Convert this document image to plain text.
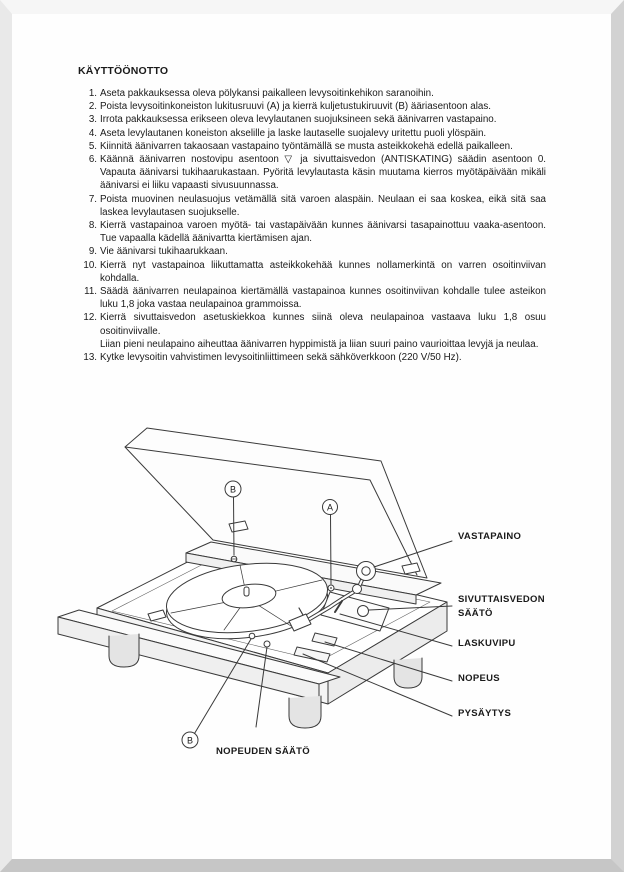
KÄYTTÖÖNOTTO
1. Aseta pakkauksessa oleva pölykansi paikalleen levysoitinkehikon saranoihin.
2. Poista levysoitinkoneiston lukitusruuvi (A) ja kierrä kuljetustukiruuvit (B) ääriasentoon alas.
3. Irrota pakkauksessa erikseen oleva levylautanen suojuksineen sekä äänivarren vastapaino.
4. Aseta levylautanen koneiston akselille ja laske lautaselle suojalevy uritettu puoli ylöspäin.
5. Kiinnitä äänivarren takaosaan vastapaino työntämällä se musta asteikkokehä edellä paikalleen.
6. Käännä äänivarren nostovipu asentoon ▽ ja sivuttaisvedon (ANTISKATING) säädin asentoon 0. Vapauta äänivarsi tukihaarukastaan. Pyöritä levylautasta käsin muutama kierros myötäpäivään mikäli äänivarsi ei liiku vapaasti sivusuunnassa.
7. Poista muovinen neulasuojus vetämällä sitä varoen alaspäin. Neulaan ei saa koskea, eikä sitä saa laskea levylautasen suojukselle.
8. Kierrä vastapainoa varoen myötä- tai vastapäivään kunnes äänivarsi tasapainottuu vaaka-asentoon. Tue vapaalla kädellä äänivartta kiertämisen ajan.
9. Vie äänivarsi tukihaarukkaan.
10. Kierrä nyt vastapainoa liikuttamatta asteikkokehää kunnes nollamerkintä on varren osoitinviivan kohdalla.
11. Säädä äänivarren neulapainoa kiertämällä vastapainoa kunnes osoitinviivan kohdalle tulee asteikon luku 1,8 joka vastaa neulapainoa grammoissa.
12. Kierrä sivuttaisvedon asetuskiekkoa kunnes siinä oleva neulapainoa vastaava luku 1,8 osuu osoitinviivalle.
Liian pieni neulapaino aiheuttaa äänivarren hyppimistä ja liian suuri paino vaurioittaa levyjä ja neulaa.
13. Kytke levysoitin vahvistimen levysoitinliittimeen sekä sähköverkkoon (220 V/50 Hz).
B
A
B
VASTAPAINO
SIVUTTAISVEDON SÄÄTÖ
LASKUVIPU
NOPEUS
PYSÄYTYS
NOPEUDEN SÄÄTÖ
